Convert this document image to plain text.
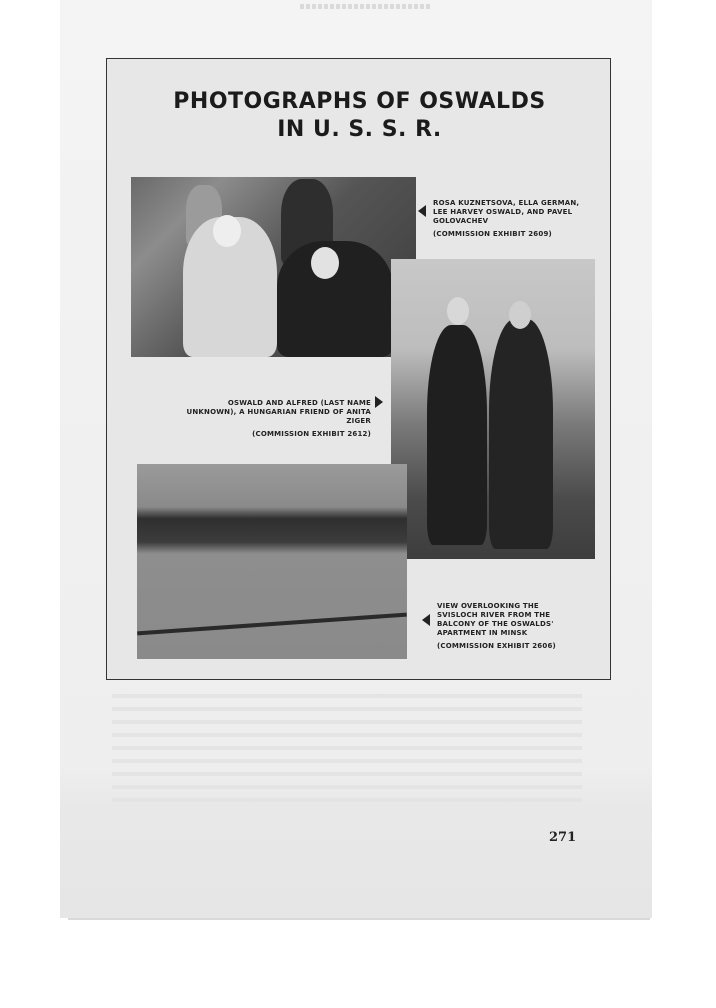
PHOTOGRAPHS OF OSWALDS
IN U. S. S. R.
ROSA KUZNETSOVA, ELLA GERMAN, LEE HARVEY OSWALD, AND PAVEL GOLOVACHEV
(COMMISSION EXHIBIT 2609)
OSWALD AND ALFRED (LAST NAME UNKNOWN), A HUNGARIAN FRIEND OF ANITA ZIGER
(COMMISSION EXHIBIT 2612)
VIEW OVERLOOKING THE SVISLOCH RIVER FROM THE BALCONY OF THE OSWALDS' APARTMENT IN MINSK
(COMMISSION EXHIBIT 2606)
271
